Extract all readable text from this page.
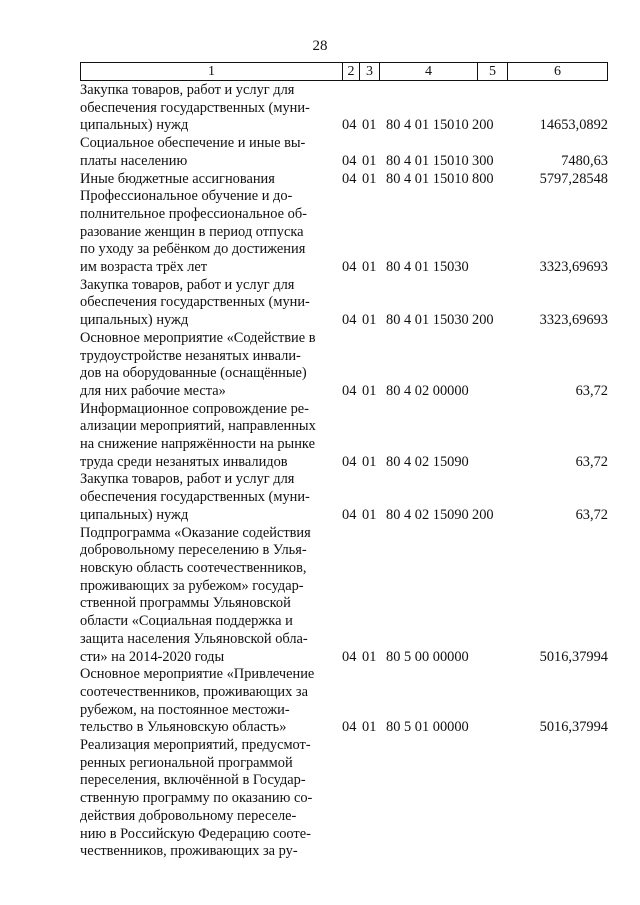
28
1	2 3	4	5	6
Закупка товаров, работ и услуг для
обеспечения государственных (муни-
ципальных) нужд	04 01 80 4 01 15010 200	14653,0892
Социальное обеспечение и иные вы-
платы населению	04 01 80 4 01 15010 300	7480,63
Иные бюджетные ассигнования	04 01 80 4 01 15010 800	5797,28548
Профессиональное обучение и до-
полнительное профессиональное об-
разование женщин в период отпуска
по уходу за ребёнком до достижения
им возраста трёх лет	04 01 80 4 01 15030	3323,69693
Закупка товаров, работ и услуг для
обеспечения государственных (муни-
ципальных) нужд	04 01 80 4 01 15030 200	3323,69693
Основное мероприятие «Содействие в
трудоустройстве незанятых инвали-
дов на оборудованные (оснащённые)
для них рабочие места»	04 01 80 4 02 00000	63,72
Информационное сопровождение ре-
ализации мероприятий, направленных
на снижение напряжённости на рынке
труда среди незанятых инвалидов	04 01 80 4 02 15090	63,72
Закупка товаров, работ и услуг для
обеспечения государственных (муни-
ципальных) нужд	04 01 80 4 02 15090 200	63,72
Подпрограмма «Оказание содействия
добровольному переселению в Улья-
новскую область соотечественников,
проживающих за рубежом» государ-
ственной программы Ульяновской
области «Социальная поддержка и
защита населения Ульяновской обла-
сти» на 2014-2020 годы	04 01 80 5 00 00000	5016,37994
Основное мероприятие «Привлечение
соотечественников, проживающих за
рубежом, на постоянное местожи-
тельство в Ульяновскую область»	04 01 80 5 01 00000	5016,37994
Реализация мероприятий, предусмот-
ренных региональной программой
переселения, включённой в Государ-
ственную программу по оказанию со-
действия добровольному переселе-
нию в Российскую Федерацию сооте-
чественников, проживающих за ру-
